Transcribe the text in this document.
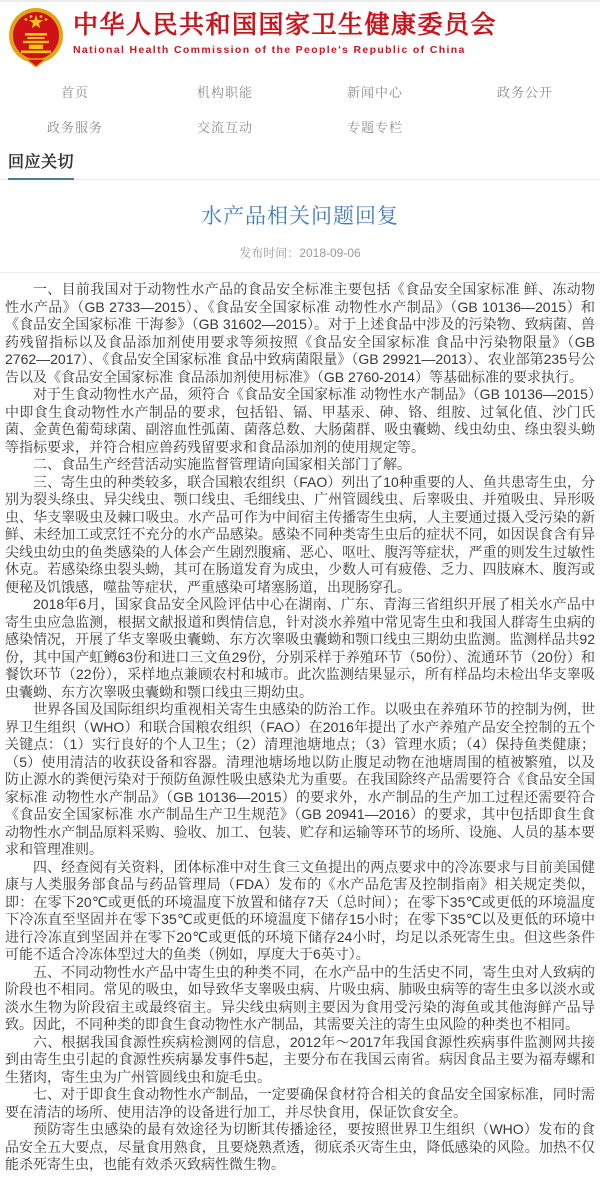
中华人民共和国国家卫生健康委员会
National Health Commission of the People's Republic of China
首页	机构职能	新闻中心	政务公开
政务服务	交流互动	专题专栏
回应关切
水产品相关问题回复
发布时间：2018-09-06

一、目前我国对于动物性水产品的食品安全标准主要包括《食品安全国家标准 鲜、冻动物性水产品》（GB 2733—2015）、《食品安全国家标准 动物性水产制品》（GB 10136—2015）和《食品安全国家标准 干海参》（GB 31602—2015）。对于上述食品中涉及的污染物、致病菌、兽药残留指标以及食品添加剂使用要求等须按照《食品安全国家标准 食品中污染物限量》（GB 2762—2017）、《食品安全国家标准 食品中致病菌限量》（GB 29921—2013）、农业部第235号公告以及《食品安全国家标准 食品添加剂使用标准》（GB 2760-2014）等基础标准的要求执行。

对于生食动物性水产品，须符合《食品安全国家标准 动物性水产制品》（GB 10136—2015）中即食生食动物性水产制品的要求，包括铅、镉、甲基汞、砷、铬、组胺、过氧化值、沙门氏菌、金黄色葡萄球菌、副溶血性弧菌、菌落总数、大肠菌群、吸虫囊蚴、线虫幼虫、绦虫裂头蚴等指标要求，并符合相应兽药残留要求和食品添加剂的使用规定等。

二、食品生产经营活动实施监督管理请向国家相关部门了解。

三、寄生虫的种类较多，联合国粮农组织（FAO）列出了10种重要的人、鱼共患寄生虫，分别为裂头绦虫、异尖线虫、颚口线虫、毛细线虫、广州管圆线虫、后睾吸虫、并殖吸虫、异形吸虫、华支睾吸虫及棘口吸虫。水产品可作为中间宿主传播寄生虫病，人主要通过摄入受污染的新鲜、未经加工或烹饪不充分的水产品感染。感染不同种类寄生虫后的症状不同，如因误食含有异尖线虫幼虫的鱼类感染的人体会产生剧烈腹痛、恶心、呕吐、腹泻等症状，严重的则发生过敏性休克。若感染绦虫裂头蚴，其可在肠道发育为成虫，少数人可有疲倦、乏力、四肢麻木、腹泻或便秘及饥饿感，噬盐等症状，严重感染可堵塞肠道，出现肠穿孔。

2018年6月，国家食品安全风险评估中心在湖南、广东、青海三省组织开展了相关水产品中寄生虫应急监测，根据文献报道和舆情信息，针对淡水养殖中常见寄生虫和我国人群寄生虫病的感染情况，开展了华支睾吸虫囊蚴、东方次睾吸虫囊蚴和颚口线虫三期幼虫监测。监测样品共92份，其中国产虹鳟63份和进口三文鱼29份，分别采样于养殖环节（50份）、流通环节（20份）和餐饮环节（22份），采样地点兼顾农村和城市。此次监测结果显示，所有样品均未检出华支睾吸虫囊蚴、东方次睾吸虫囊蚴和颚口线虫三期幼虫。

世界各国及国际组织均重视相关寄生虫感染的防治工作。以吸虫在养殖环节的控制为例，世界卫生组织（WHO）和联合国粮农组织（FAO）在2016年提出了水产养殖产品安全控制的五个关键点：（1）实行良好的个人卫生；（2）清理池塘地点；（3）管理水质；（4）保持鱼类健康；（5）使用清洁的收获设备和容器。清理池塘场地以防止腹足动物在池塘周围的植被繁殖，以及防止源水的粪便污染对于预防鱼源性吸虫感染尤为重要。在我国除终产品需要符合《食品安全国家标准 动物性水产制品》（GB 10136—2015）的要求外，水产制品的生产加工过程还需要符合《食品安全国家标准 水产制品生产卫生规范》（GB 20941—2016）的要求，其中包括即食生食动物性水产制品原料采购、验收、加工、包装、贮存和运输等环节的场所、设施、人员的基本要求和管理准则。

四、经查阅有关资料，团体标准中对生食三文鱼提出的两点要求中的冷冻要求与目前美国健康与人类服务部食品与药品管理局（FDA）发布的《水产品危害及控制指南》相关规定类似，即：在零下20℃或更低的环境温度下放置和储存7天（总时间）；在零下35℃或更低的环境温度下冷冻直至坚固并在零下35℃或更低的环境温度下储存15小时；在零下35℃以及更低的环境中进行冷冻直到坚固并在零下20℃或更低的环境下储存24小时，均足以杀死寄生虫。但这些条件可能不适合冷冻体型过大的鱼类（例如，厚度大于6英寸）。

五、不同动物性水产品中寄生虫的种类不同，在水产品中的生活史不同，寄生虫对人致病的阶段也不相同。常见的吸虫，如导致华支睾吸虫病、片吸虫病、肺吸虫病等的寄生虫多以淡水或淡水生物为阶段宿主或最终宿主。异尖线虫病则主要因为食用受污染的海鱼或其他海鲜产品导致。因此，不同种类的即食生食动物性水产制品，其需要关注的寄生虫风险的种类也不相同。

六、根据我国食源性疾病检测网的信息，2012年～2017年我国食源性疾病事件监测网共接到由寄生虫引起的食源性疾病暴发事件5起，主要分布在我国云南省。病因食品主要为福寿螺和生猪肉，寄生虫为广州管圆线虫和旋毛虫。

七、对于即食生食动物性水产制品，一定要确保食材符合相关的食品安全国家标准，同时需要在清洁的场所、使用洁净的设备进行加工，并尽快食用，保证饮食安全。

预防寄生虫感染的最有效途径为切断其传播途径，要按照世界卫生组织（WHO）发布的食品安全五大要点，尽量食用熟食，且要烧熟煮透，彻底杀灭寄生虫，降低感染的风险。加热不仅能杀死寄生虫，也能有效杀灭致病性微生物。
